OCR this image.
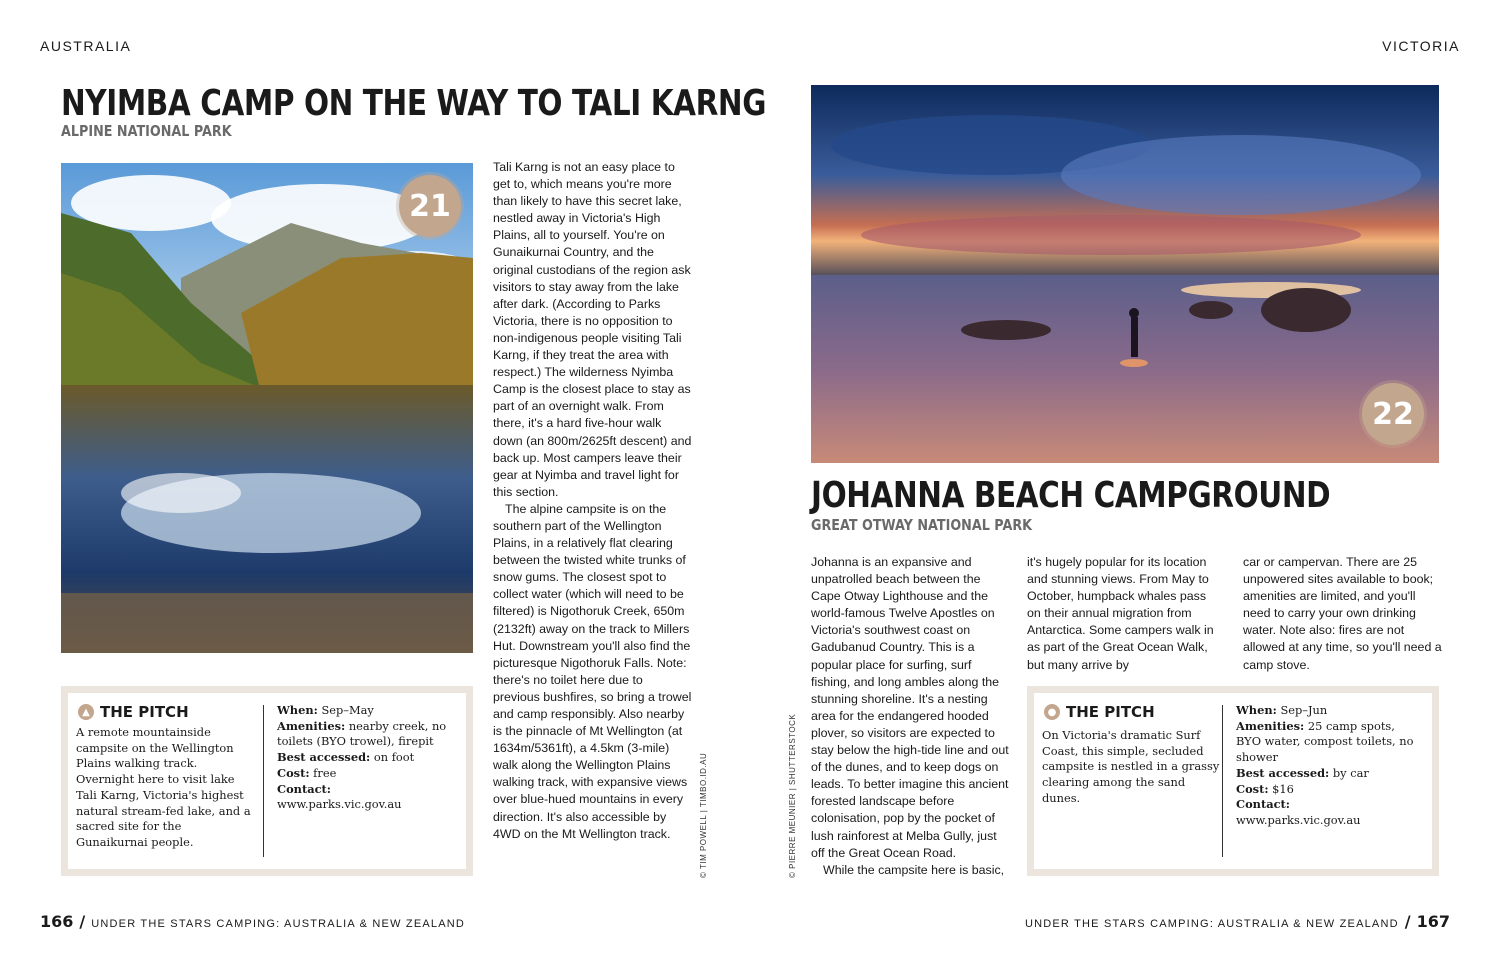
AUSTRALIA	VICTORIA
NYIMBA CAMP ON THE WAY TO TALI KARNG
ALPINE NATIONAL PARK
21

Tali Karng is not an easy place to get to, which means you're more than likely to have this secret lake, nestled away in Victoria's High Plains, all to yourself. You're on Gunaikurnai Country, and the original custodians of the region ask visitors to stay away from the lake after dark. (According to Parks Victoria, there is no opposition to non-indigenous people visiting Tali Karng, if they treat the area with respect.) The wilderness Nyimba Camp is the closest place to stay as part of an overnight walk. From there, it's a hard five-hour walk down (an 800m/2625ft descent) and back up. Most campers leave their gear at Nyimba and travel light for this section.

The alpine campsite is on the southern part of the Wellington Plains, in a relatively flat clearing between the twisted white trunks of snow gums. The closest spot to collect water (which will need to be filtered) is Nigothoruk Creek, 650m (2132ft) away on the track to Millers Hut. Downstream you'll also find the picturesque Nigothoruk Falls. Note: there's no toilet here due to previous bushfires, so bring a trowel and camp responsibly. Also nearby is the pinnacle of Mt Wellington (at 1634m/5361ft), a 4.5km (3-mile) walk along the Wellington Plains walking track, with expansive views over blue-hued mountains in every direction. It's also accessible by 4WD on the Mt Wellington track.	© TIM POWELL | TIMBO.ID.AU
▲ THE PITCH
A remote mountainside campsite on the Wellington Plains walking track. Overnight here to visit lake Tali Karng, Victoria's highest natural stream-fed lake, and a sacred site for the Gunaikurnai people.
When: Sep–May
Amenities: nearby creek, no toilets (BYO trowel), firepit
Best accessed: on foot
Cost: free
Contact:
www.parks.vic.gov.au
22
© PIERRE MEUNIER | SHUTTERSTOCK
JOHANNA BEACH CAMPGROUND
GREAT OTWAY NATIONAL PARK

Johanna is an expansive and unpatrolled beach between the Cape Otway Lighthouse and the world-famous Twelve Apostles on Victoria's southwest coast on Gadubanud Country. This is a popular place for surfing, surf fishing, and long ambles along the stunning shoreline. It's a nesting area for the endangered hooded plover, so visitors are expected to stay below the high-tide line and out of the dunes, and to keep dogs on leads. To better imagine this ancient forested landscape before colonisation, pop by the pocket of lush rainforest at Melba Gully, just off the Great Ocean Road.

While the campsite here is basic,

it's hugely popular for its location and stunning views. From May to October, humpback whales pass on their annual migration from Antarctica. Some campers walk in as part of the Great Ocean Walk, but many arrive by

car or campervan. There are 25 unpowered sites available to book; amenities are limited, and you'll need to carry your own drinking water. Note also: fires are not allowed at any time, so you'll need a camp stove.

● THE PITCH
On Victoria's dramatic Surf Coast, this simple, secluded campsite is nestled in a grassy clearing among the sand dunes.
When: Sep–Jun
Amenities: 25 camp spots, BYO water, compost toilets, no shower
Best accessed: by car
Cost: $16
Contact:
www.parks.vic.gov.au
166 / UNDER THE STARS CAMPING: AUSTRALIA & NEW ZEALAND	UNDER THE STARS CAMPING: AUSTRALIA & NEW ZEALAND / 167
